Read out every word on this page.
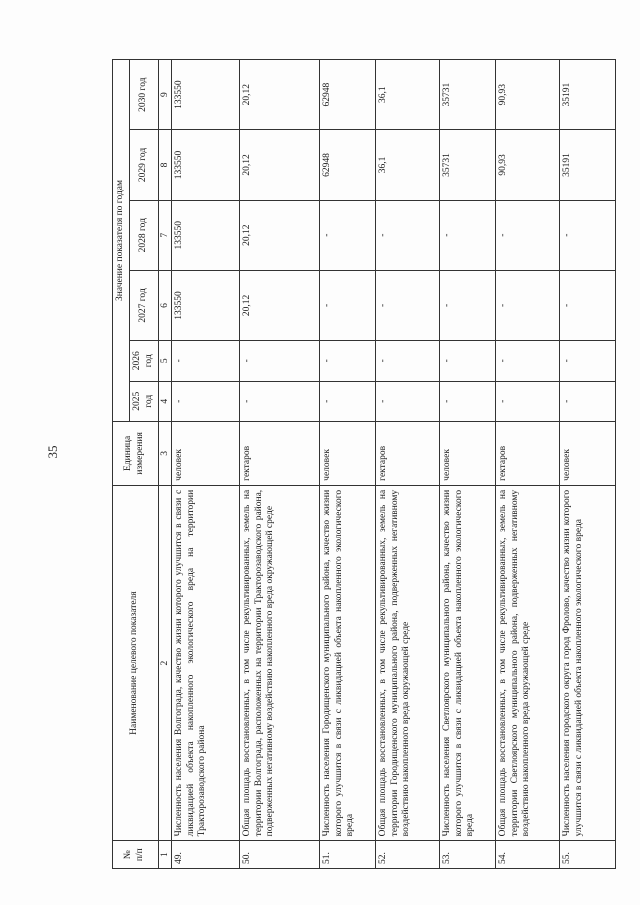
35
№ п/п	Наименование целевого показателя	Единица измерения	Значение показателя по годам					
			2025 год	2026 год	2027 год	2028 год	2029 год	2030 год
1	2	3	4	5	6	7	8	9
49.	Численность населения Волгограда, качество жизни которого улучшится в связи с ликвидацией объекта накопленного экологического вреда на территории Тракторозаводского района	человек	-	-	133550	133550	133550	133550
50.	Общая площадь восстановленных, в том числе рекультивированных, земель на территории Волгограда, расположенных на территории Тракторозаводского района, подверженных негативному воздействию накопленного вреда окружающей среде	гектаров	-	-	20,12	20,12	20,12	20,12
51.	Численность населения Городищенского муниципального района, качество жизни которого улучшится в связи с ликвидацией объекта накопленного экологического вреда	человек	-	-	-	-	62948	62948
52.	Общая площадь восстановленных, в том числе рекультивированных, земель на территории Городищенского муниципального района, подверженных негативному воздействию накопленного вреда окружающей среде	гектаров	-	-	-	-	36,1	36,1
53.	Численность населения Светлоярского муниципального района, качество жизни которого улучшится в связи с ликвидацией объекта накопленного экологического вреда	человек	-	-	-	-	35731	35731
54.	Общая площадь восстановленных, в том числе рекультивированных, земель на территории Светлоярского муниципального района, подверженных негативному воздействию накопленного вреда окружающей среде	гектаров	-	-	-	-	90,93	90,93
55.	Численность населения городского округа город Фролово, качество жизни которого улучшится в связи с ликвидацией объекта накопленного экологического вреда	человек	-	-	-	-	35191	35191
